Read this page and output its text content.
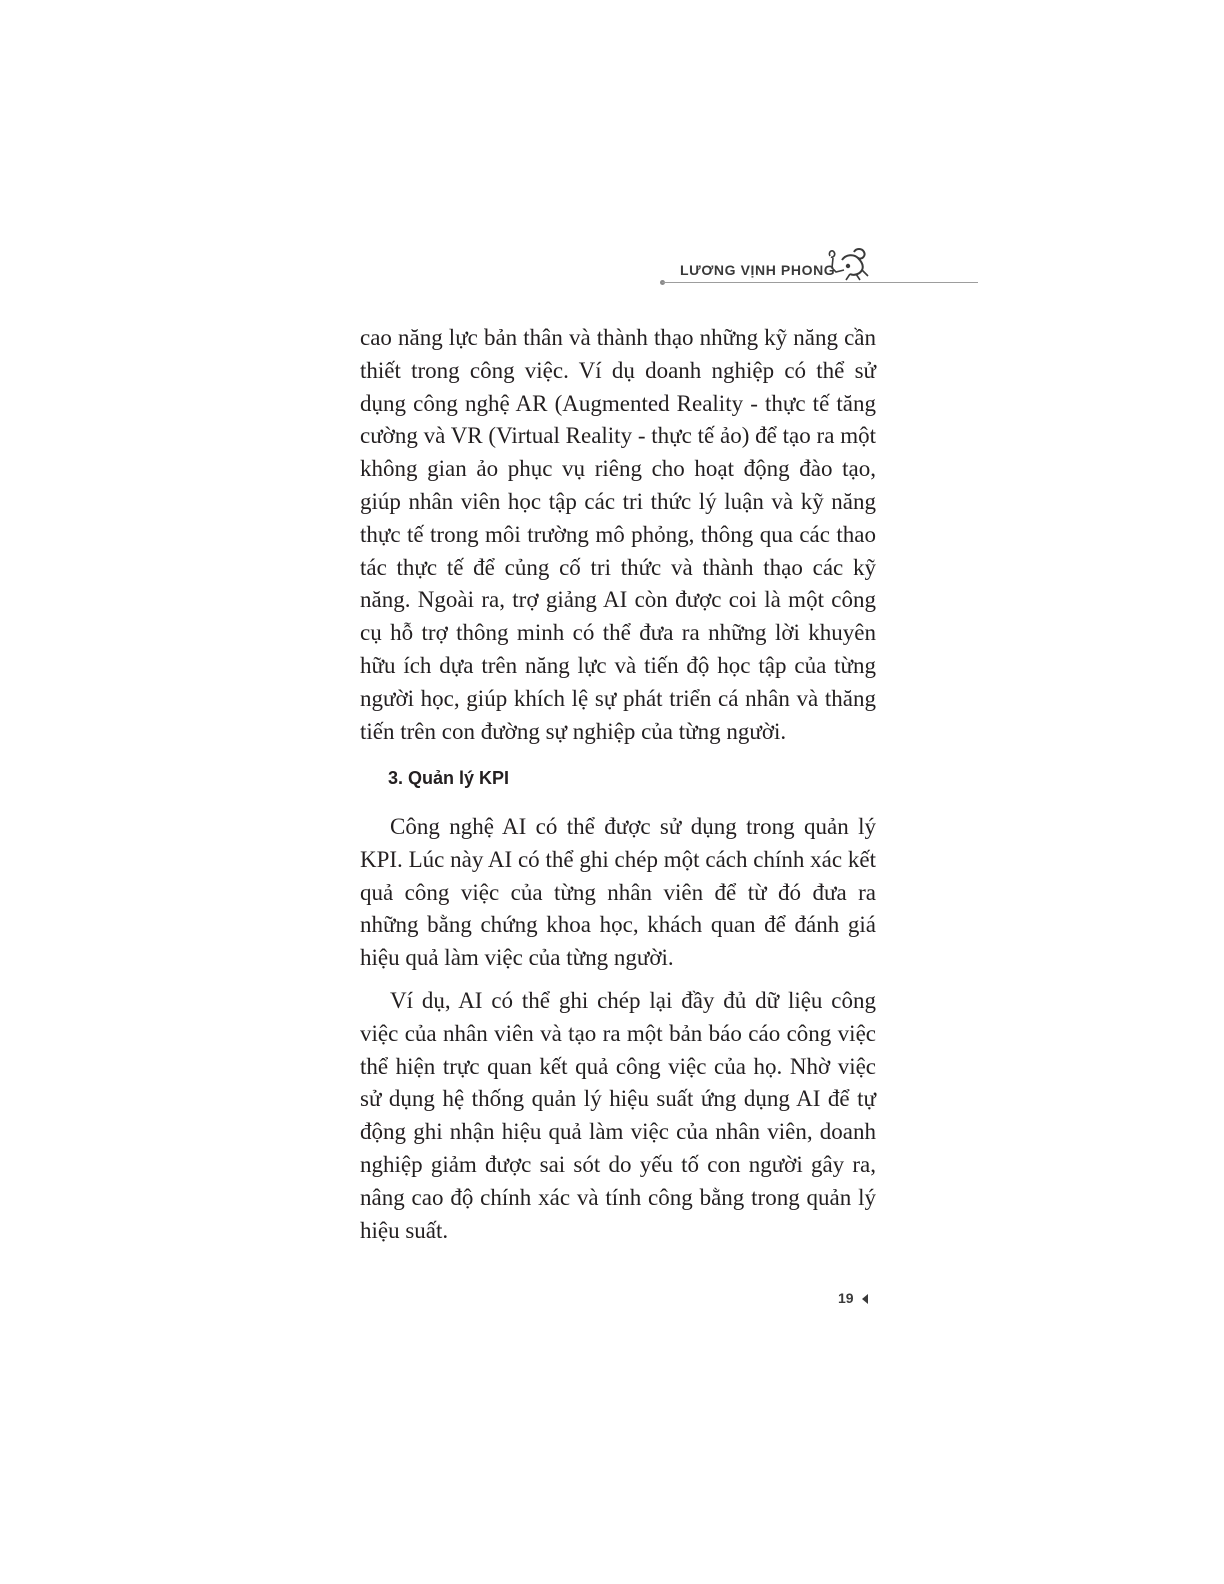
LƯƠNG VỊNH PHONG

cao năng lực bản thân và thành thạo những kỹ năng cần thiết trong công việc. Ví dụ doanh nghiệp có thể sử dụng công nghệ AR (Augmented Reality - thực tế tăng cường và VR (Virtual Reality - thực tế ảo) để tạo ra một không gian ảo phục vụ riêng cho hoạt động đào tạo, giúp nhân viên học tập các tri thức lý luận và kỹ năng thực tế trong môi trường mô phỏng, thông qua các thao tác thực tế để củng cố tri thức và thành thạo các kỹ năng. Ngoài ra, trợ giảng AI còn được coi là một công cụ hỗ trợ thông minh có thể đưa ra những lời khuyên hữu ích dựa trên năng lực và tiến độ học tập của từng người học, giúp khích lệ sự phát triển cá nhân và thăng tiến trên con đường sự nghiệp của từng người.

3. Quản lý KPI

Công nghệ AI có thể được sử dụng trong quản lý KPI. Lúc này AI có thể ghi chép một cách chính xác kết quả công việc của từng nhân viên để từ đó đưa ra những bằng chứng khoa học, khách quan để đánh giá hiệu quả làm việc của từng người.

Ví dụ, AI có thể ghi chép lại đầy đủ dữ liệu công việc của nhân viên và tạo ra một bản báo cáo công việc thể hiện trực quan kết quả công việc của họ. Nhờ việc sử dụng hệ thống quản lý hiệu suất ứng dụng AI để tự động ghi nhận hiệu quả làm việc của nhân viên, doanh nghiệp giảm được sai sót do yếu tố con người gây ra, nâng cao độ chính xác và tính công bằng trong quản lý hiệu suất.

19
